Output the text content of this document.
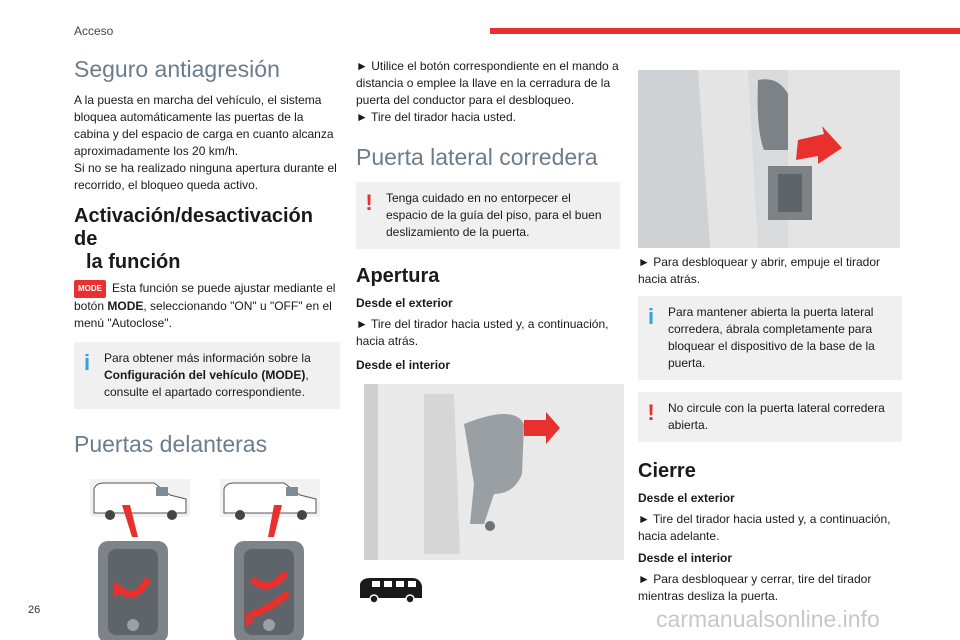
Acceso
Seguro antiagresión

A la puesta en marcha del vehículo, el sistema bloquea automáticamente las puertas de la cabina y del espacio de carga en cuanto alcanza aproximadamente los 20 km/h.

Si no se ha realizado ninguna apertura durante el recorrido, el bloqueo queda activo.

Activación/desactivación de
la función

MODE Esta función se puede ajustar mediante el botón MODE, seleccionando "ON" u "OFF" en el menú "Autoclose".

i	Para obtener más información sobre la Configuración del vehículo (MODE), consulte el apartado correspondiente.
Puertas delanteras

► Utilice el botón correspondiente en el mando a distancia o emplee la llave en la cerradura de la puerta del conductor para el desbloqueo.

► Tire del tirador hacia usted.

Puerta lateral corredera
!	Tenga cuidado en no entorpecer el espacio de la guía del piso, para el buen deslizamiento de la puerta.
Apertura
Desde el exterior

► Tire del tirador hacia usted y, a continuación, hacia atrás.

Desde el interior

► Para desbloquear y abrir, empuje el tirador hacia atrás.

i	Para mantener abierta la puerta lateral corredera, ábrala completamente para bloquear el dispositivo de la base de la puerta.
!	No circule con la puerta lateral corredera abierta.
Cierre
Desde el exterior

► Tire del tirador hacia usted y, a continuación, hacia adelante.

Desde el interior

► Para desbloquear y cerrar, tire del tirador mientras desliza la puerta.

26	carmanualsonline.info
